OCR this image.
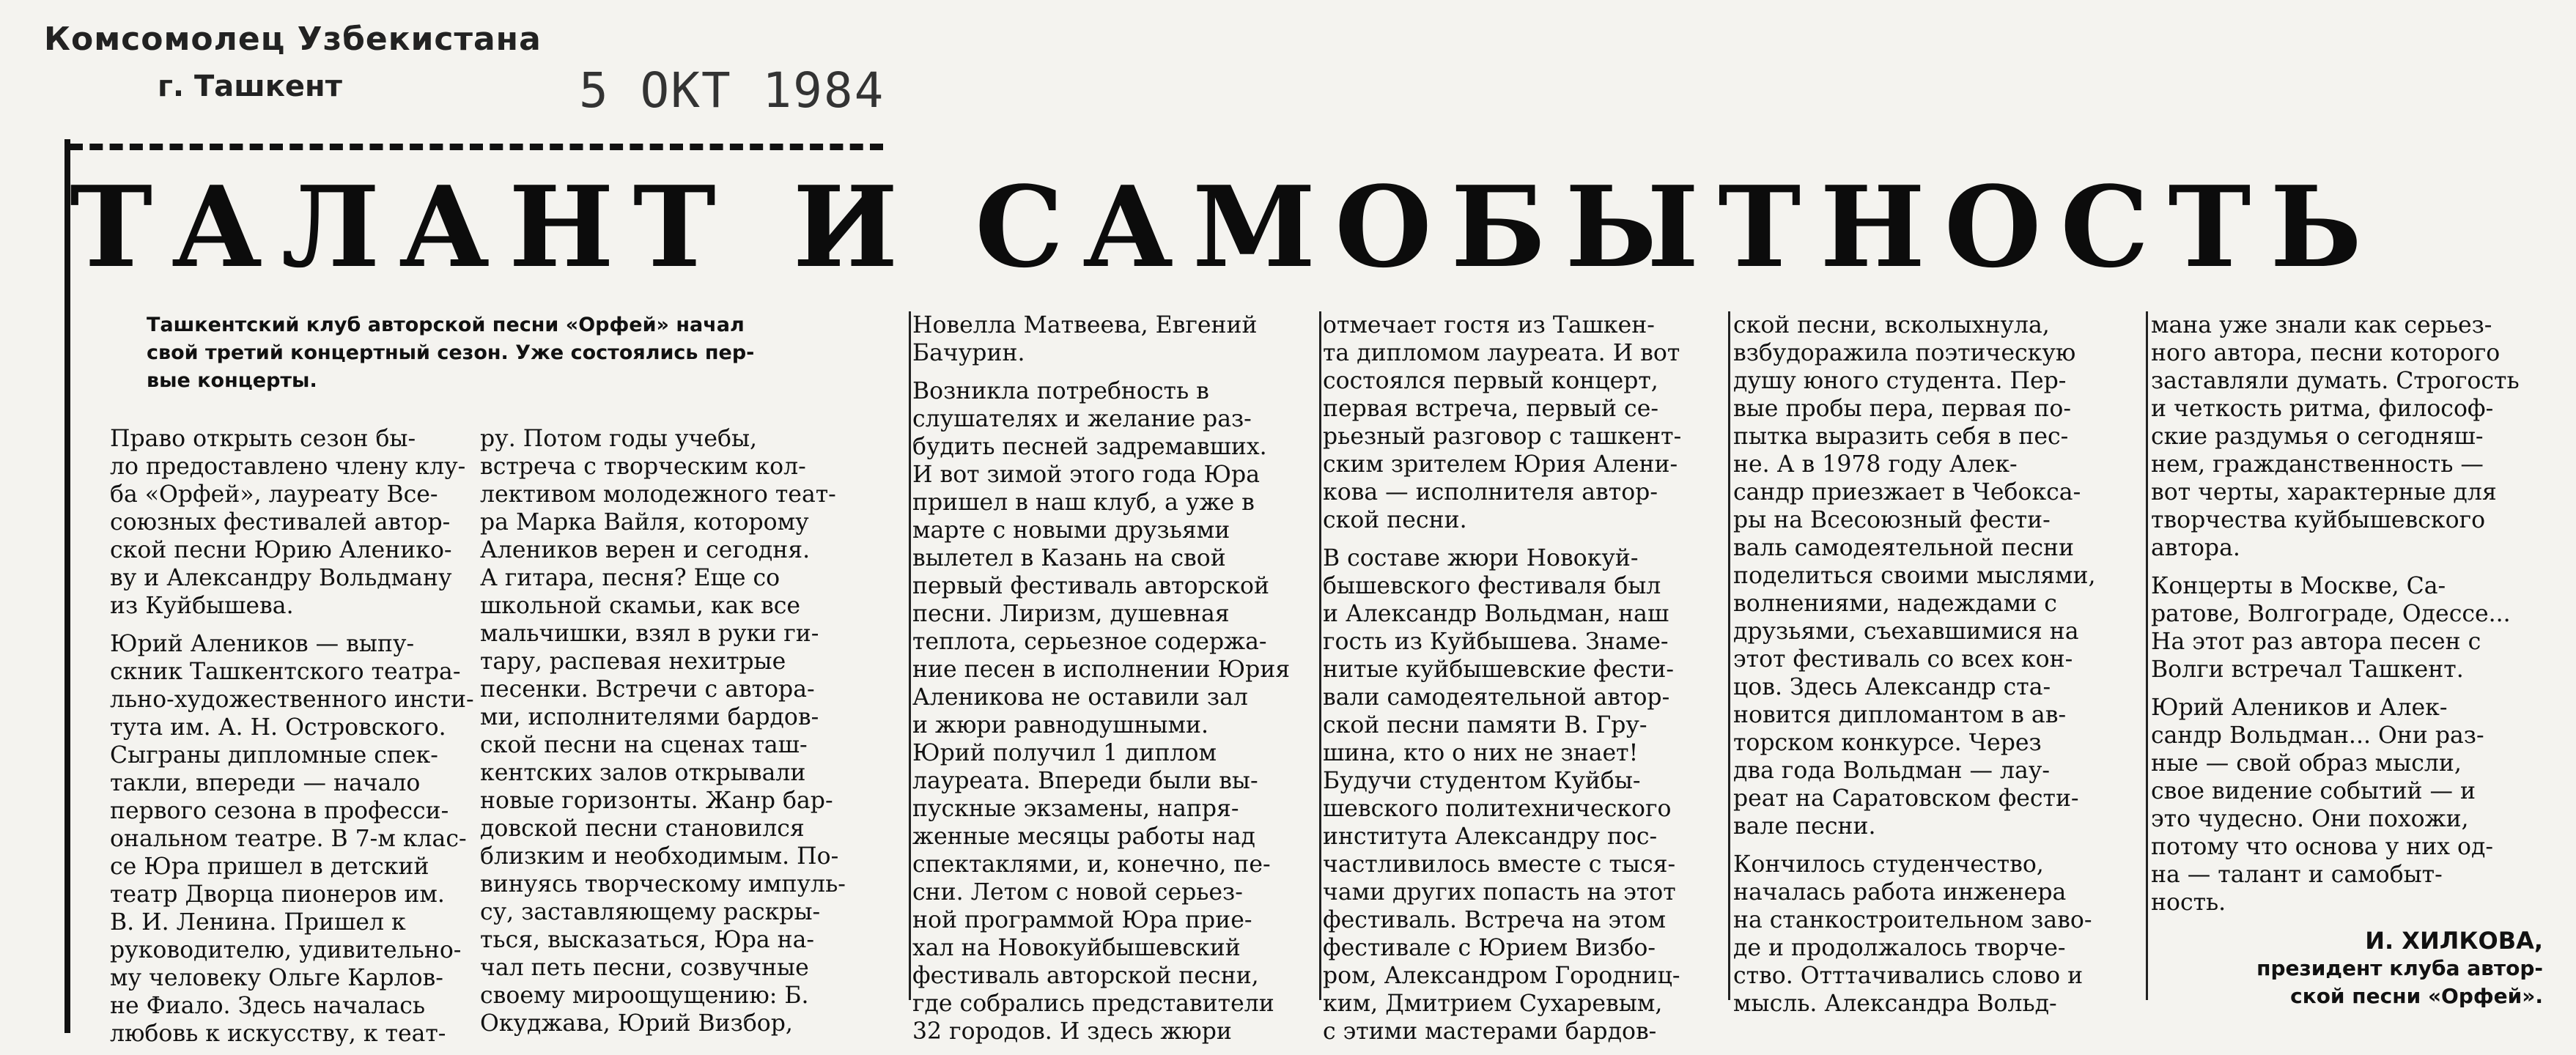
Комсомолец Узбекистана
г. Ташкент	5 ОКТ 1984
ТАЛАНТ И САМОБЫТНОСТЬ
Ташкентский клуб авторской песни «Орфей» начал
свой третий концертный сезон. Уже состоялись пер-
вые концерты.
Право открыть сезон бы-
ло предоставлено члену клу-
ба «Орфей», лауреату Все-
союзных фестивалей автор-
ской песни Юрию Аленико-
ву и Александру Вольдману
из Куйбышева.
Юрий Алеников — выпу-
скник Ташкентского театра-
льно-художественного инсти-
тута им. А. Н. Островского.
Сыграны дипломные спек-
такли, впереди — начало
первого сезона в професси-
ональном театре. В 7-м клас-
се Юра пришел в детский
театр Дворца пионеров им.
В. И. Ленина. Пришел к
руководителю, удивительно-
му человеку Ольге Карлов-
не Фиало. Здесь началась
любовь к искусству, к теат-
ру. Потом годы учебы,
встреча с творческим кол-
лективом молодежного теат-
ра Марка Вайля, которому
Алеников верен и сегодня.
А гитара, песня? Еще со
школьной скамьи, как все
мальчишки, взял в руки ги-
тару, распевая нехитрые
песенки. Встречи с автора-
ми, исполнителями бардов-
ской песни на сценах таш-
кентских залов открывали
новые горизонты. Жанр бар-
довской песни становился
близким и необходимым. По-
винуясь творческому импуль-
су, заставляющему раскры-
ться, высказаться, Юра на-
чал петь песни, созвучные
своему мироощущению: Б.
Окуджава, Юрий Визбор,
Новелла Матвеева, Евгений
Бачурин.
Возникла потребность в
слушателях и желание раз-
будить песней задремавших.
И вот зимой этого года Юра
пришел в наш клуб, а уже в
марте с новыми друзьями
вылетел в Казань на свой
первый фестиваль авторской
песни. Лиризм, душевная
теплота, серьезное содержа-
ние песен в исполнении Юрия
Аленикова не оставили зал
и жюри равнодушными.
Юрий получил 1 диплом
лауреата. Впереди были вы-
пускные экзамены, напря-
женные месяцы работы над
спектаклями, и, конечно, пе-
сни. Летом с новой серьез-
ной программой Юра прие-
хал на Новокуйбышевский
фестиваль авторской песни,
где собрались представители
32 городов. И здесь жюри
отмечает гостя из Ташкен-
та дипломом лауреата. И вот
состоялся первый концерт,
первая встреча, первый се-
рьезный разговор с ташкент-
ским зрителем Юрия Алени-
кова — исполнителя автор-
ской песни.
В составе жюри Новокуй-
бышевского фестиваля был
и Александр Вольдман, наш
гость из Куйбышева. Знаме-
нитые куйбышевские фести-
вали самодеятельной автор-
ской песни памяти В. Гру-
шина, кто о них не знает!
Будучи студентом Куйбы-
шевского политехнического
института Александру пос-
частливилось вместе с тыся-
чами других попасть на этот
фестиваль. Встреча на этом
фестивале с Юрием Визбо-
ром, Александром Городниц-
ким, Дмитрием Сухаревым,
с этими мастерами бардов-
ской песни, всколыхнула,
взбудоражила поэтическую
душу юного студента. Пер-
вые пробы пера, первая по-
пытка выразить себя в пес-
не. А в 1978 году Алек-
сандр приезжает в Чебокса-
ры на Всесоюзный фести-
валь самодеятельной песни
поделиться своими мыслями,
волнениями, надеждами с
друзьями, съехавшимися на
этот фестиваль со всех кон-
цов. Здесь Александр ста-
новится дипломантом в ав-
торском конкурсе. Через
два года Вольдман — лау-
реат на Саратовском фести-
вале песни.
Кончилось студенчество,
началась работа инженера
на станкостроительном заво-
де и продолжалось творче-
ство. Отттачивались слово и
мысль. Александра Вольд-
мана уже знали как серьез-
ного автора, песни которого
заставляли думать. Строгость
и четкость ритма, философ-
ские раздумья о сегодняш-
нем, гражданственность —
вот черты, характерные для
творчества куйбышевского
автора.
Концерты в Москве, Са-
ратове, Волгограде, Одессе...
На этот раз автора песен с
Волги встречал Ташкент.
Юрий Алеников и Алек-
сандр Вольдман... Они раз-
ные — свой образ мысли,
свое видение событий — и
это чудесно. Они похожи,
потому что основа у них од-
на — талант и самобыт-
ность.
И. ХИЛКОВА,
президент клуба автор-
ской песни «Орфей».
